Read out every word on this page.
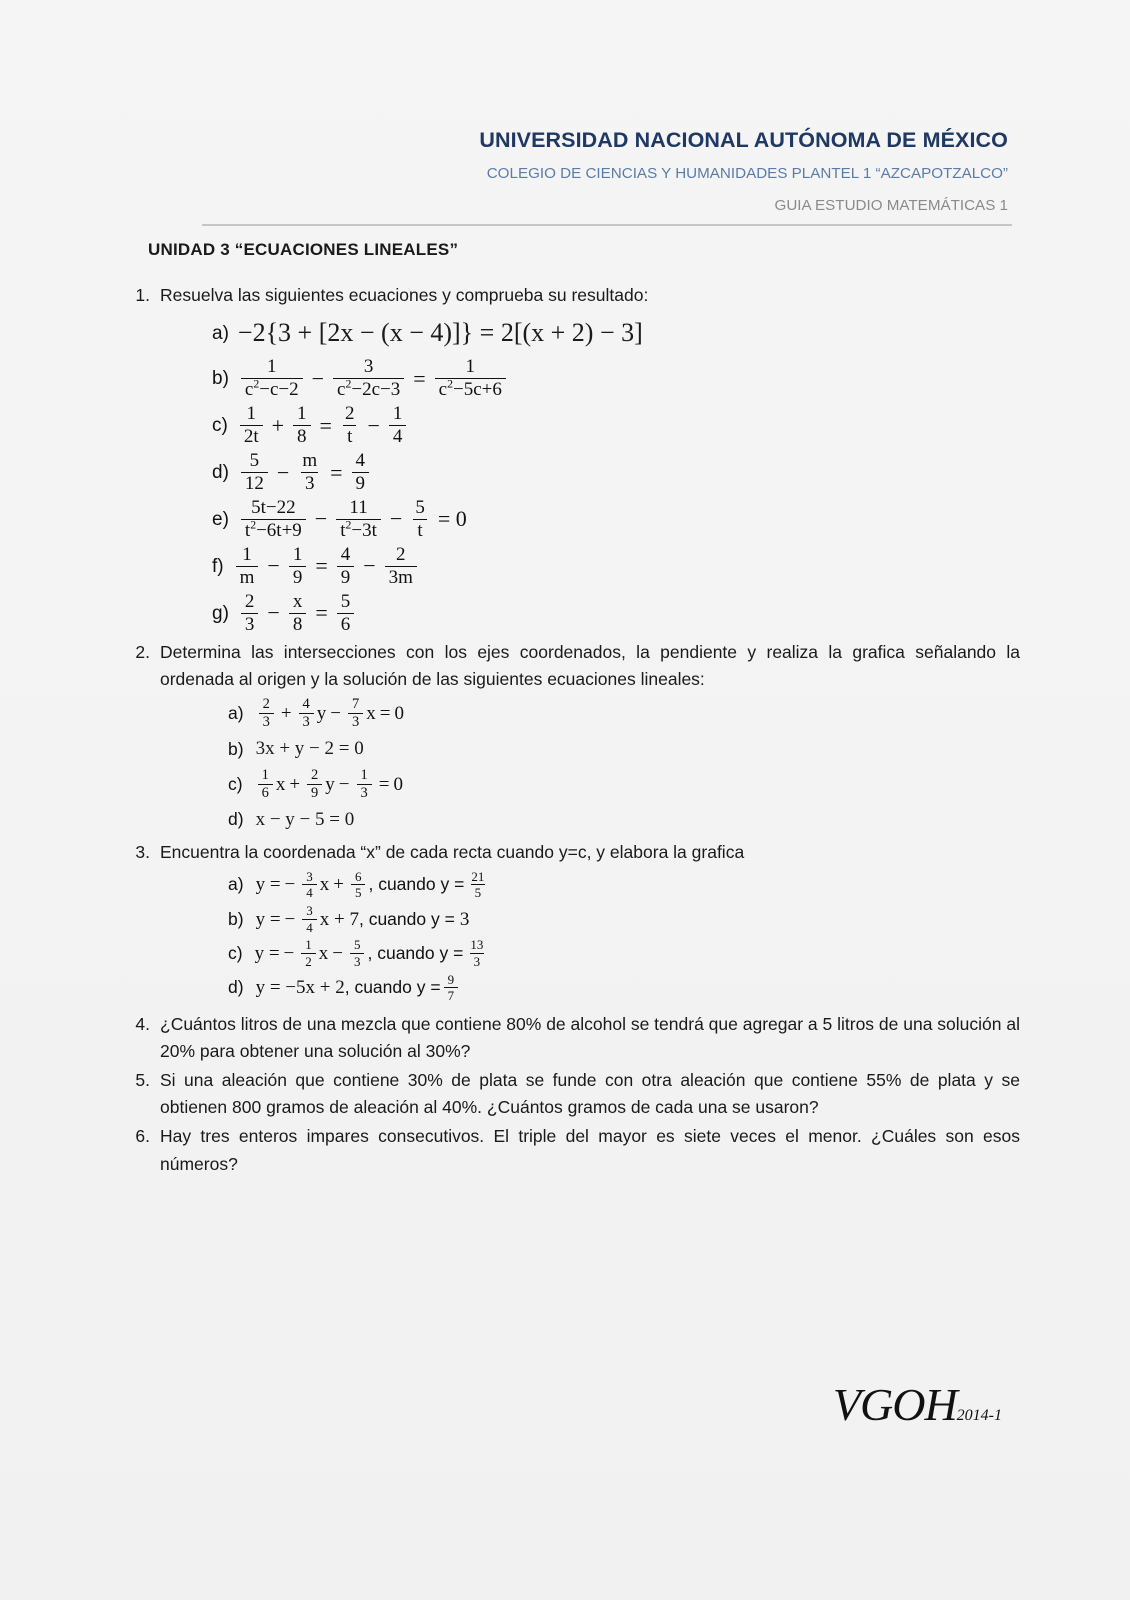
UNIVERSIDAD NACIONAL AUTÓNOMA DE MÉXICO
COLEGIO DE CIENCIAS Y HUMANIDADES PLANTEL 1 “AZCAPOTZALCO”
GUIA ESTUDIO MATEMÁTICAS 1
UNIDAD 3 “ECUACIONES LINEALES”
1. Resuelva las siguientes ecuaciones y comprueba su resultado:
a) −2{3 + [2x − (x − 4)]} = 2[(x + 2) − 3]
$b) \frac{1}{c^2-c-2} - \frac{3}{c^2-2c-3} = \frac{1}{c^2-5c+6}$
$c) \frac{1}{2t} + \frac{1}{8} = \frac{2}{t} - \frac{1}{4}$
$d) \frac{5}{12} - \frac{m}{3} = \frac{4}{9}$
$e) \frac{5t-22}{t^2-6t+9} - \frac{11}{t^2-3t} - \frac{5}{t} = 0$
$f) \frac{1}{m} - \frac{1}{9} = \frac{4}{9} - \frac{2}{3m}$
$g) \frac{2}{3} - \frac{x}{8} = \frac{5}{6}$
2. Determina las intersecciones con los ejes coordenados, la pendiente y realiza la grafica señalando la ordenada al origen y la solución de las siguientes ecuaciones lineales:
$a) \frac{2}{3} + \frac{4}{3}$ $y - \frac{7}{3}$ x = 0
b) 3x + y − 2 = 0
$c) \frac{1}{6}$ $x + \frac{2}{9}$ $y - \frac{1}{3} = 0$
d) x − y − 5 = 0
3. Encuentra la coordenada “x” de cada recta cuando y=c, y elabora la grafica
a) y = − $\frac{3}{4}$ $x + \frac{6}{5}$ , cuando $y = \frac{21}{5}$
b) y = − $\frac{3}{4}$ x + 7 , cuando y = 3
c) y = − $\frac{1}{2}$ $x - \frac{5}{3}$ , cuando $y = \frac{13}{3}$
d) y = −5x + 2 , cuando $y = \frac{9}{7}$
4. ¿Cuántos litros de una mezcla que contiene 80% de alcohol se tendrá que agregar a 5 litros de una solución al 20% para obtener una solución al 30%?
5. Si una aleación que contiene 30% de plata se funde con otra aleación que contiene 55% de plata y se obtienen 800 gramos de aleación al 40%. ¿Cuántos gramos de cada una se usaron?
6. Hay tres enteros impares consecutivos. El triple del mayor es siete veces el menor. ¿Cuáles son esos números?
VGOH2014-1
